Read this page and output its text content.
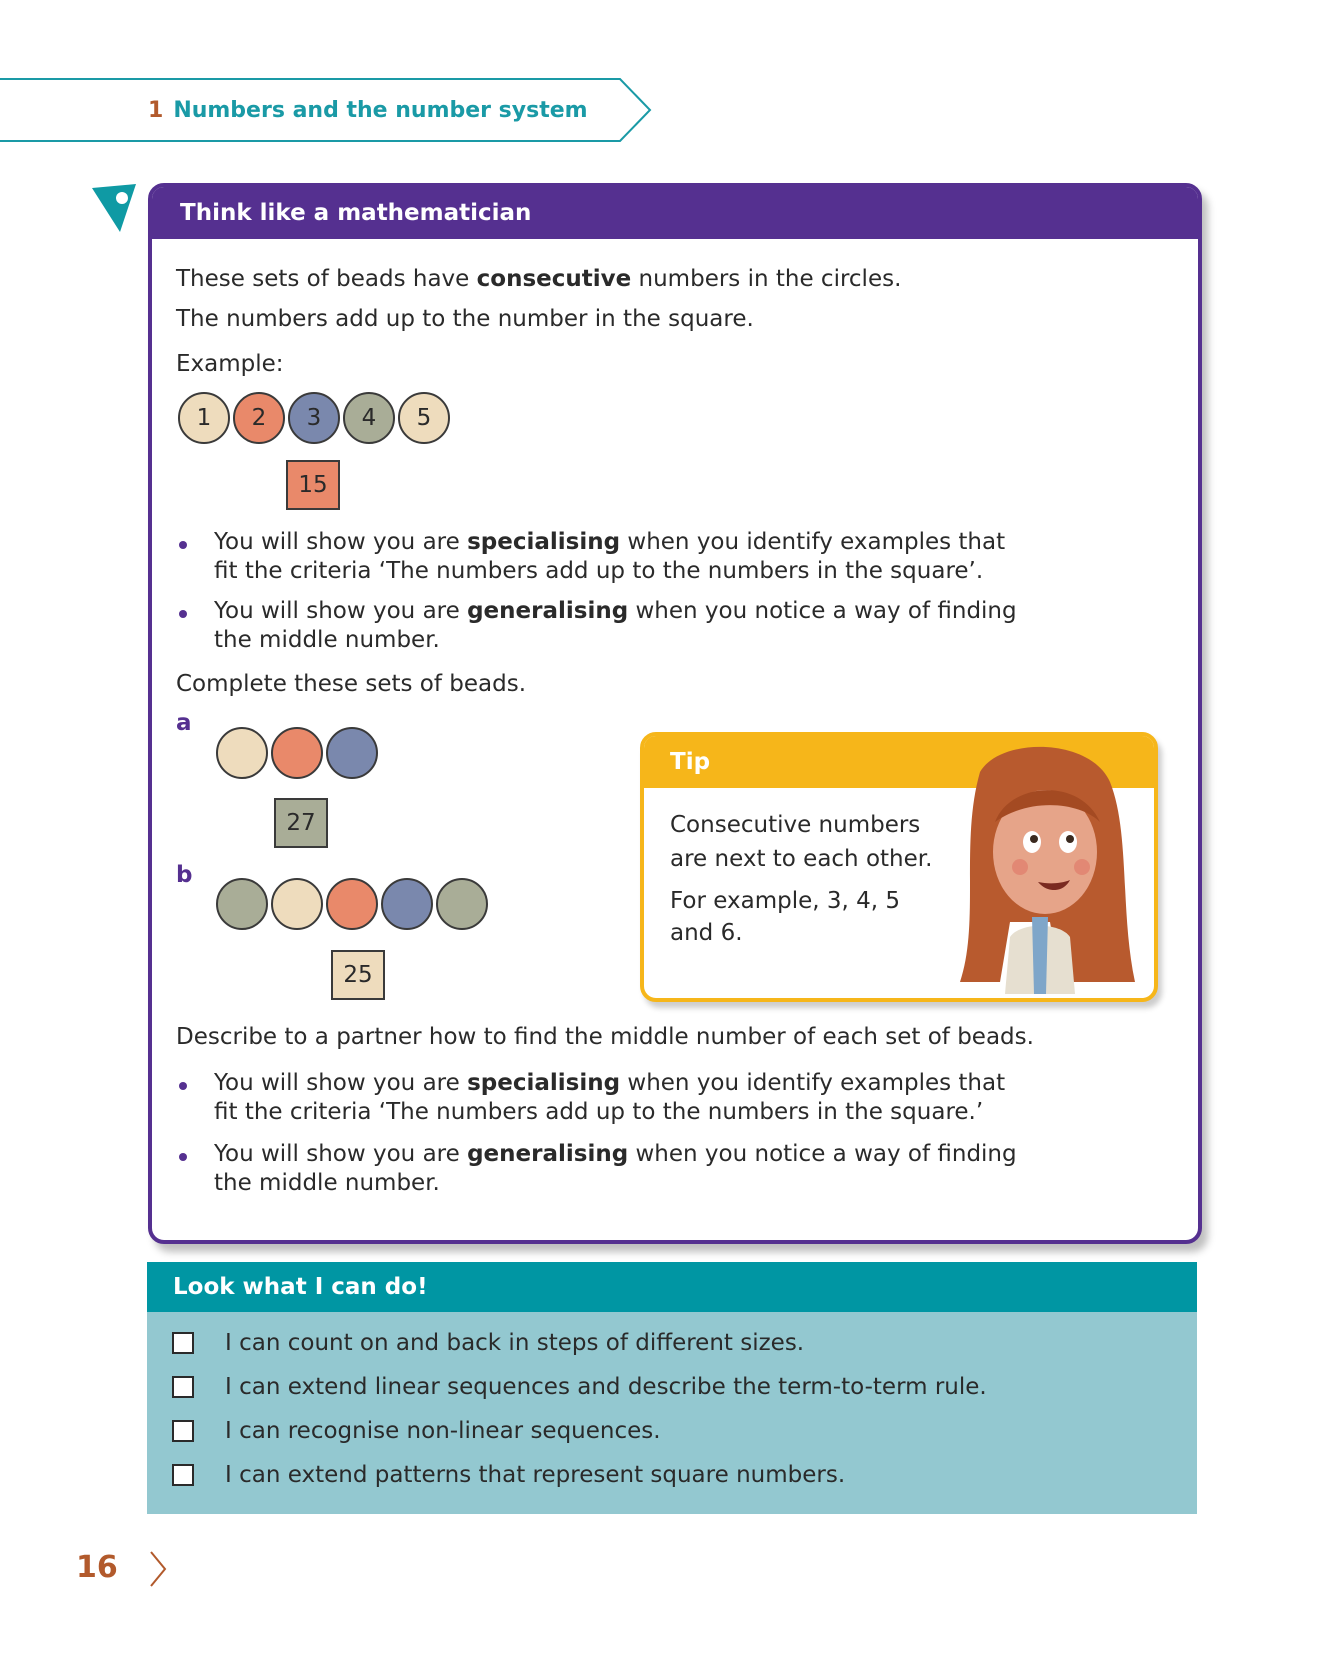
1 Numbers and the number system
Think like a mathematician
These sets of beads have consecutive numbers in the circles.
The numbers add up to the number in the square.
Example:
1	2	3	4	5
15
You will show you are specialising when you identify examples that
fit the criteria ‘The numbers add up to the numbers in the square’.
You will show you are generalising when you notice a way of finding
the middle number.
Complete these sets of beads.
a
27
b
25
Describe to a partner how to find the middle number of each set of beads.
You will show you are specialising when you identify examples that
fit the criteria ‘The numbers add up to the numbers in the square.’
You will show you are generalising when you notice a way of finding
the middle number.
Tip
Consecutive numbers
are next to each other.
For example, 3, 4, 5
and 6.
Look what I can do!
I can count on and back in steps of different sizes.
I can extend linear sequences and describe the term-to-term rule.
I can recognise non-linear sequences.
I can extend patterns that represent square numbers.
16
